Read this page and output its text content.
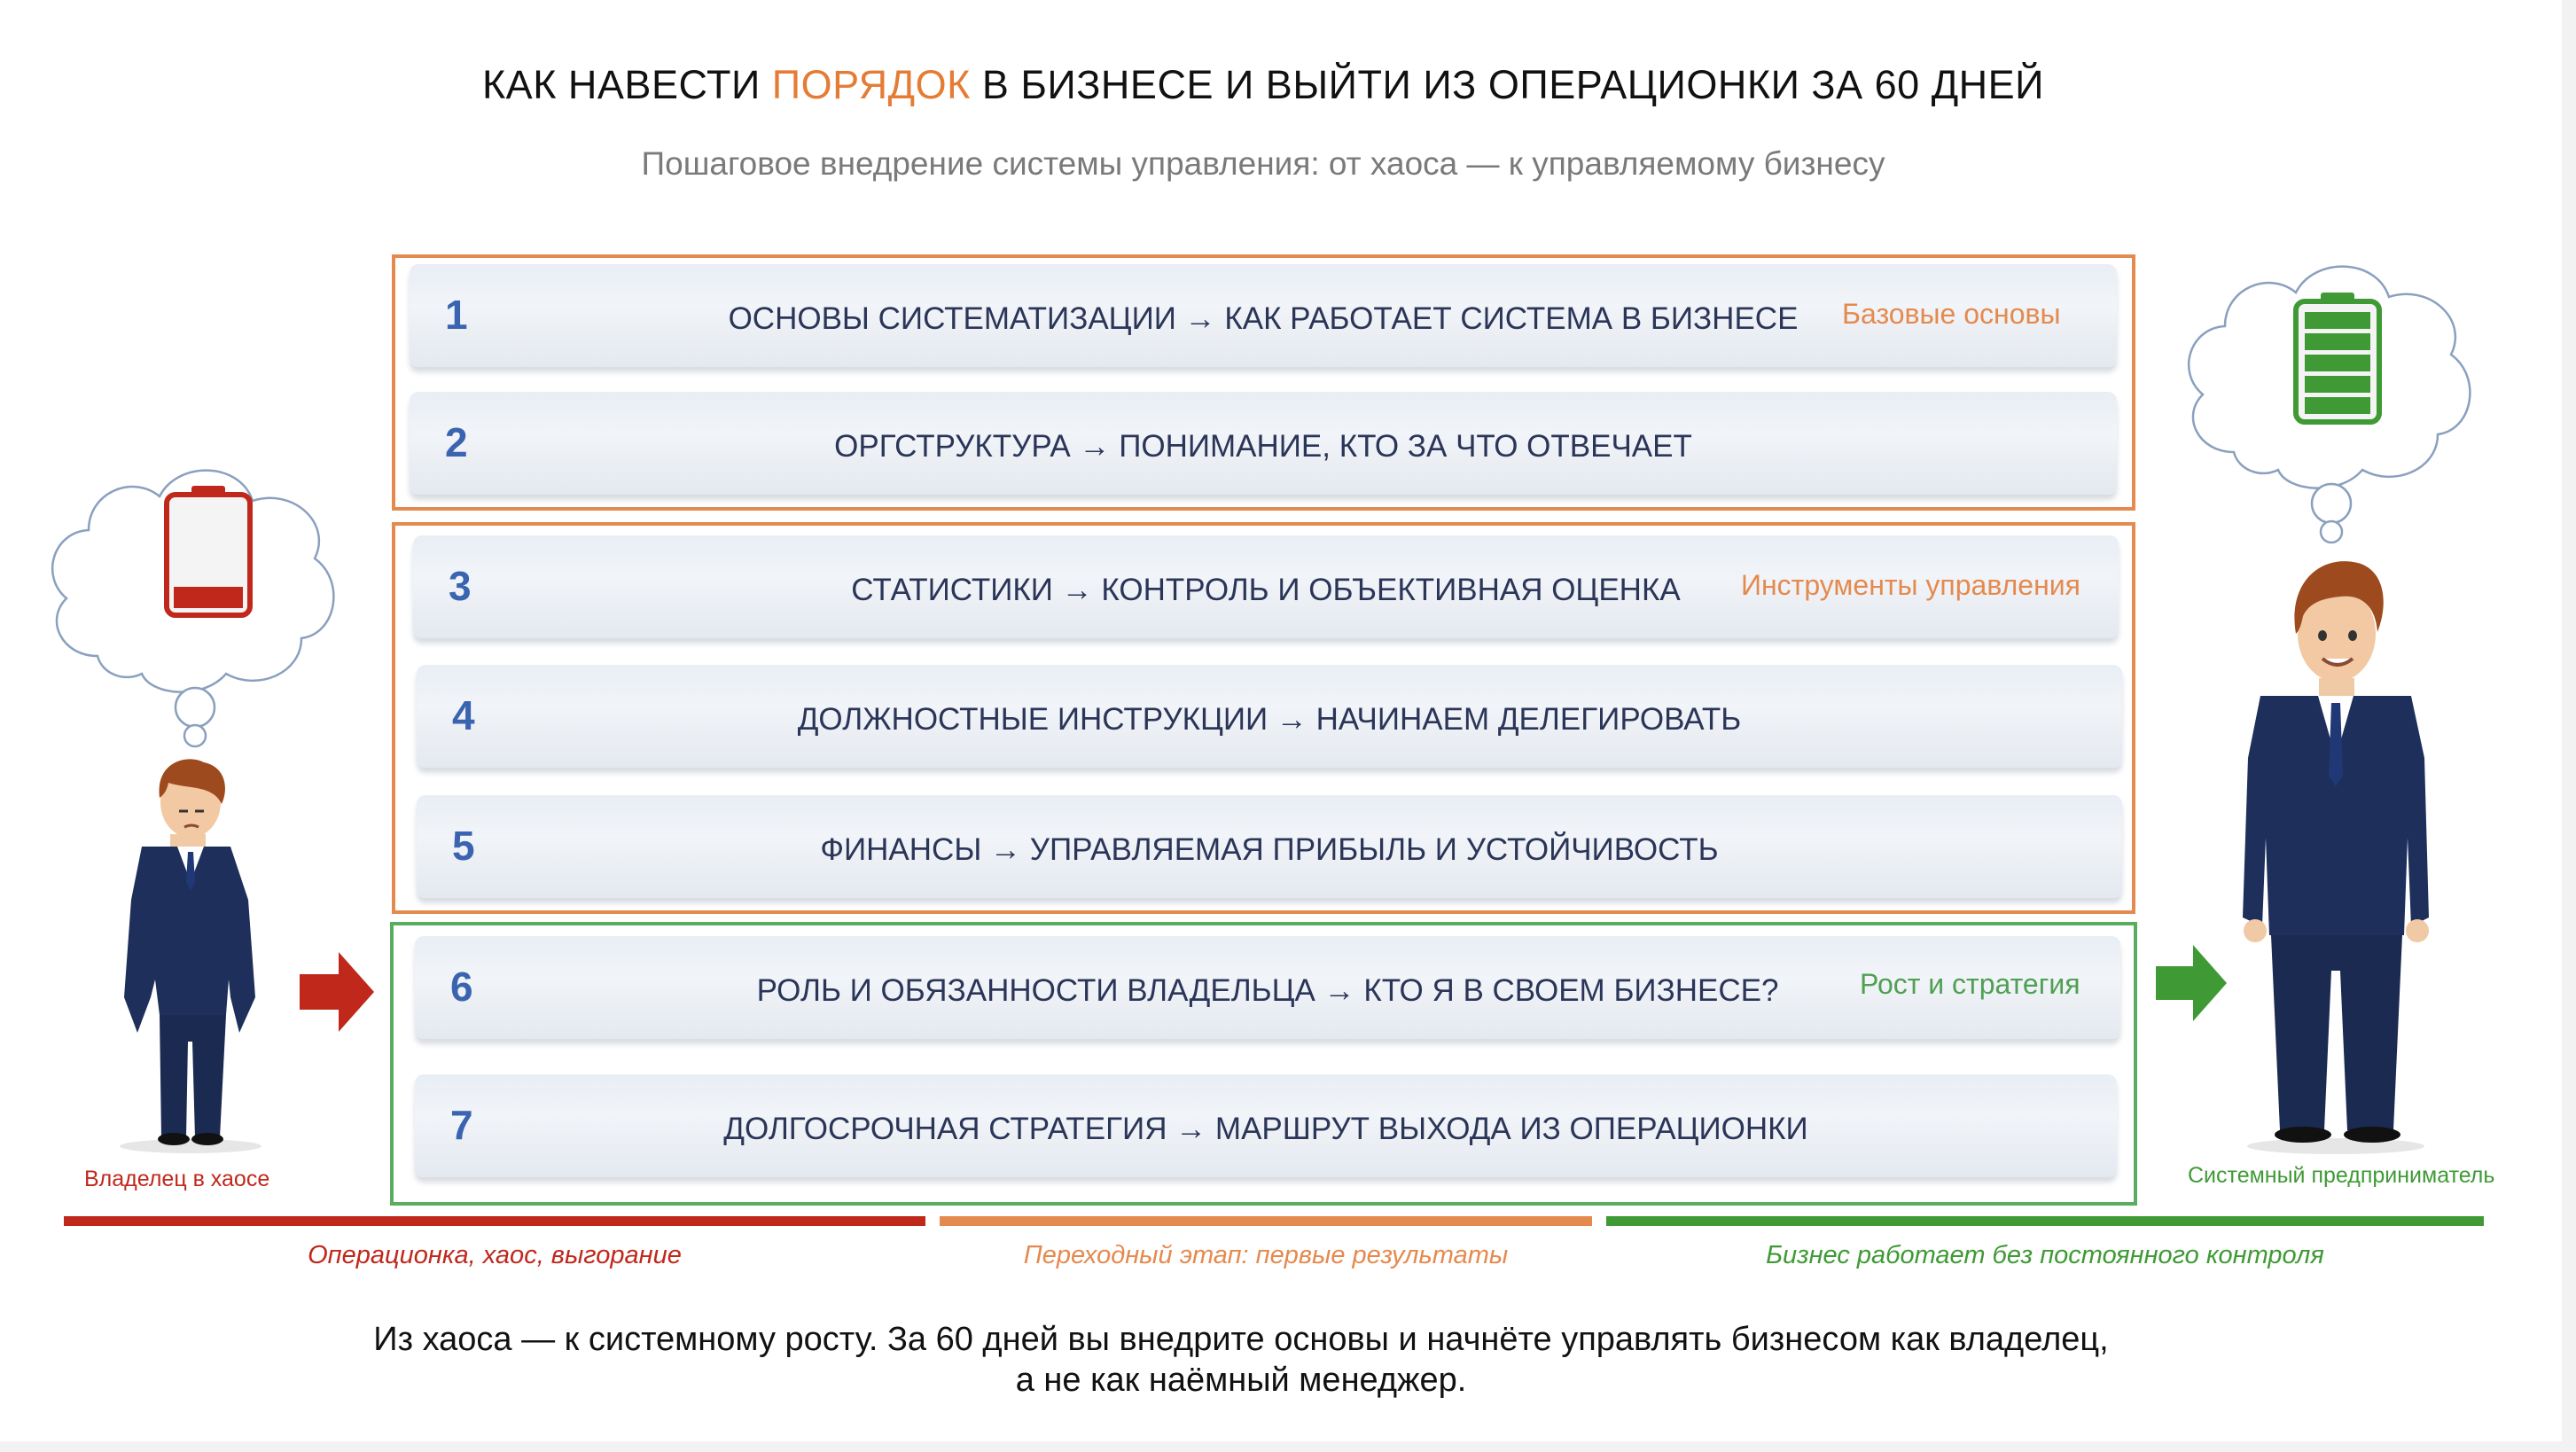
КАК НАВЕСТИ ПОРЯДОК В БИЗНЕСЕ И ВЫЙТИ ИЗ ОПЕРАЦИОНКИ ЗА 60 ДНЕЙ
Пошаговое внедрение системы управления: от хаоса — к управляемому бизнесу
1	ОСНОВЫ СИСТЕМАТИЗАЦИИ → КАК РАБОТАЕТ СИСТЕМА В БИЗНЕСЕ
2	ОРГСТРУКТУРА → ПОНИМАНИЕ, КТО ЗА ЧТО ОТВЕЧАЕТ
3	СТАТИСТИКИ → КОНТРОЛЬ И ОБЪЕКТИВНАЯ ОЦЕНКА
4	ДОЛЖНОСТНЫЕ ИНСТРУКЦИИ → НАЧИНАЕМ ДЕЛЕГИРОВАТЬ
5	ФИНАНСЫ → УПРАВЛЯЕМАЯ ПРИБЫЛЬ И УСТОЙЧИВОСТЬ
6	РОЛЬ И ОБЯЗАННОСТИ ВЛАДЕЛЬЦА → КТО Я В СВОЕМ БИЗНЕСЕ?
7	ДОЛГОСРОЧНАЯ СТРАТЕГИЯ → МАРШРУТ ВЫХОДА ИЗ ОПЕРАЦИОНКИ
Базовые основы
Инструменты управления
Рост и стратегия
Владелец в хаосе	Системный предприниматель
Операционка, хаос, выгорание	Переходный этап: первые результаты	Бизнес работает без постоянного контроля
Из хаоса — к системному росту. За 60 дней вы внедрите основы и начнёте управлять бизнесом как владелец, а не как наёмный менеджер.
